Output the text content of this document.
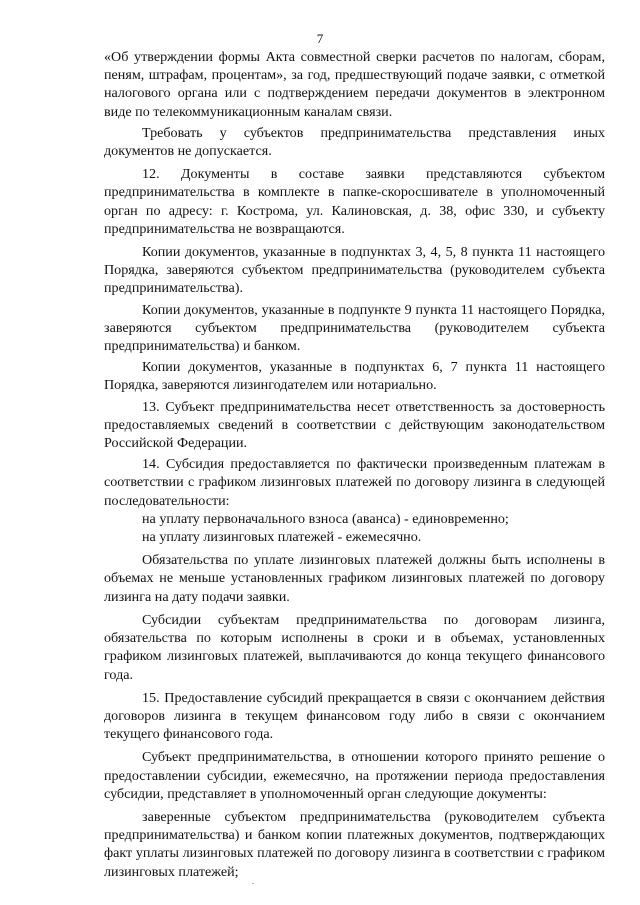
7

«Об утверждении формы Акта совместной сверки расчетов по налогам, сборам, пеням, штрафам, процентам», за год, предшествующий подаче заявки, с отметкой налогового органа или с подтверждением передачи документов в электронном виде по телекоммуникационным каналам связи.

Требовать у субъектов предпринимательства представления иных документов не допускается.

12. Документы в составе заявки представляются субъектом предпринимательства в комплекте в папке-скоросшивателе в уполномоченный орган по адресу: г. Кострома, ул. Калиновская, д. 38, офис 330, и субъекту предпринимательства не возвращаются.

Копии документов, указанные в подпунктах 3, 4, 5, 8 пункта 11 настоящего Порядка, заверяются субъектом предпринимательства (руководителем субъекта предпринимательства).

Копии документов, указанные в подпункте 9 пункта 11 настоящего Порядка, заверяются субъектом предпринимательства (руководителем субъекта предпринимательства) и банком.

Копии документов, указанные в подпунктах 6, 7 пункта 11 настоящего Порядка, заверяются лизингодателем или нотариально.

13. Субъект предпринимательства несет ответственность за достоверность предоставляемых сведений в соответствии с действующим законодательством Российской Федерации.

14. Субсидия предоставляется по фактически произведенным платежам в соответствии с графиком лизинговых платежей по договору лизинга в следующей последовательности:

на уплату первоначального взноса (аванса) - единовременно;

на уплату лизинговых платежей - ежемесячно.

Обязательства по уплате лизинговых платежей должны быть исполнены в объемах не меньше установленных графиком лизинговых платежей по договору лизинга на дату подачи заявки.

Субсидии субъектам предпринимательства по договорам лизинга, обязательства по которым исполнены в сроки и в объемах, установленных графиком лизинговых платежей, выплачиваются до конца текущего финансового года.

15. Предоставление субсидий прекращается в связи с окончанием действия договоров лизинга в текущем финансовом году либо в связи с окончанием текущего финансового года.

Субъект предпринимательства, в отношении которого принято решение о предоставлении субсидии, ежемесячно, на протяжении периода предоставления субсидии, представляет в уполномоченный орган следующие документы:

заверенные субъектом предпринимательства (руководителем субъекта предпринимательства) и банком копии платежных документов, подтверждающих факт уплаты лизинговых платежей по договору лизинга в соответствии с графиком лизинговых платежей;
